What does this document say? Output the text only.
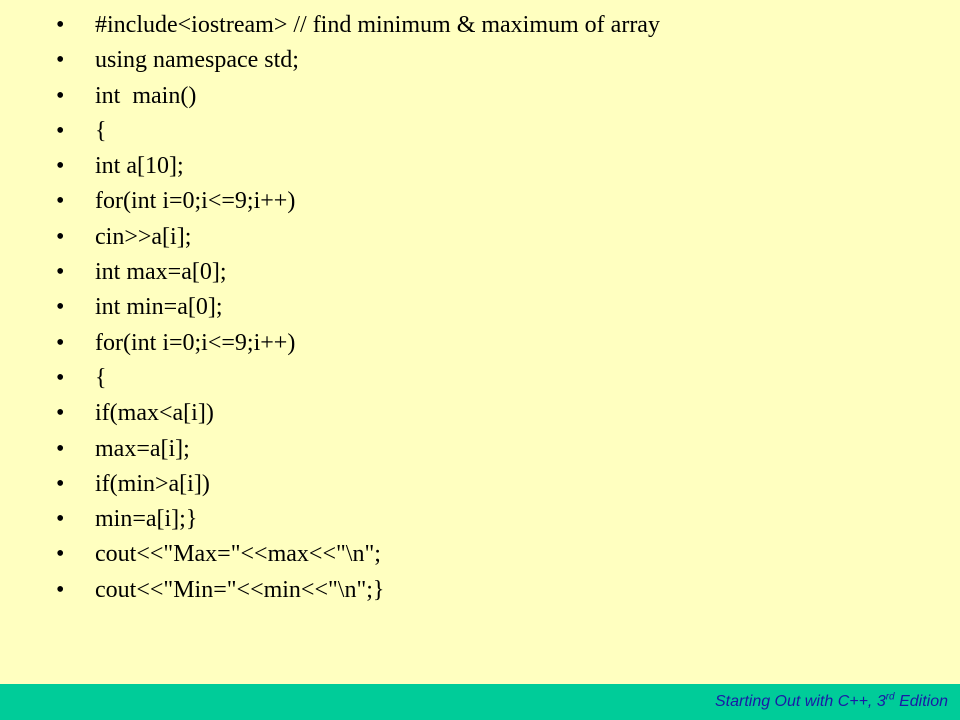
•	#include<iostream> // find minimum & maximum of array
•	using namespace std;
•	int  main()
•	{
•	int a[10];
•	for(int i=0;i<=9;i++)
•	cin>>a[i];
•	int max=a[0];
•	int min=a[0];
•	for(int i=0;i<=9;i++)
•	{
•	if(max<a[i])
•	max=a[i];
•	if(min>a[i])
•	min=a[i];}
•	cout<<"Max="<<max<<"\n";
•	cout<<"Min="<<min<<"\n";}
Starting Out with C++, 3rd Edition
